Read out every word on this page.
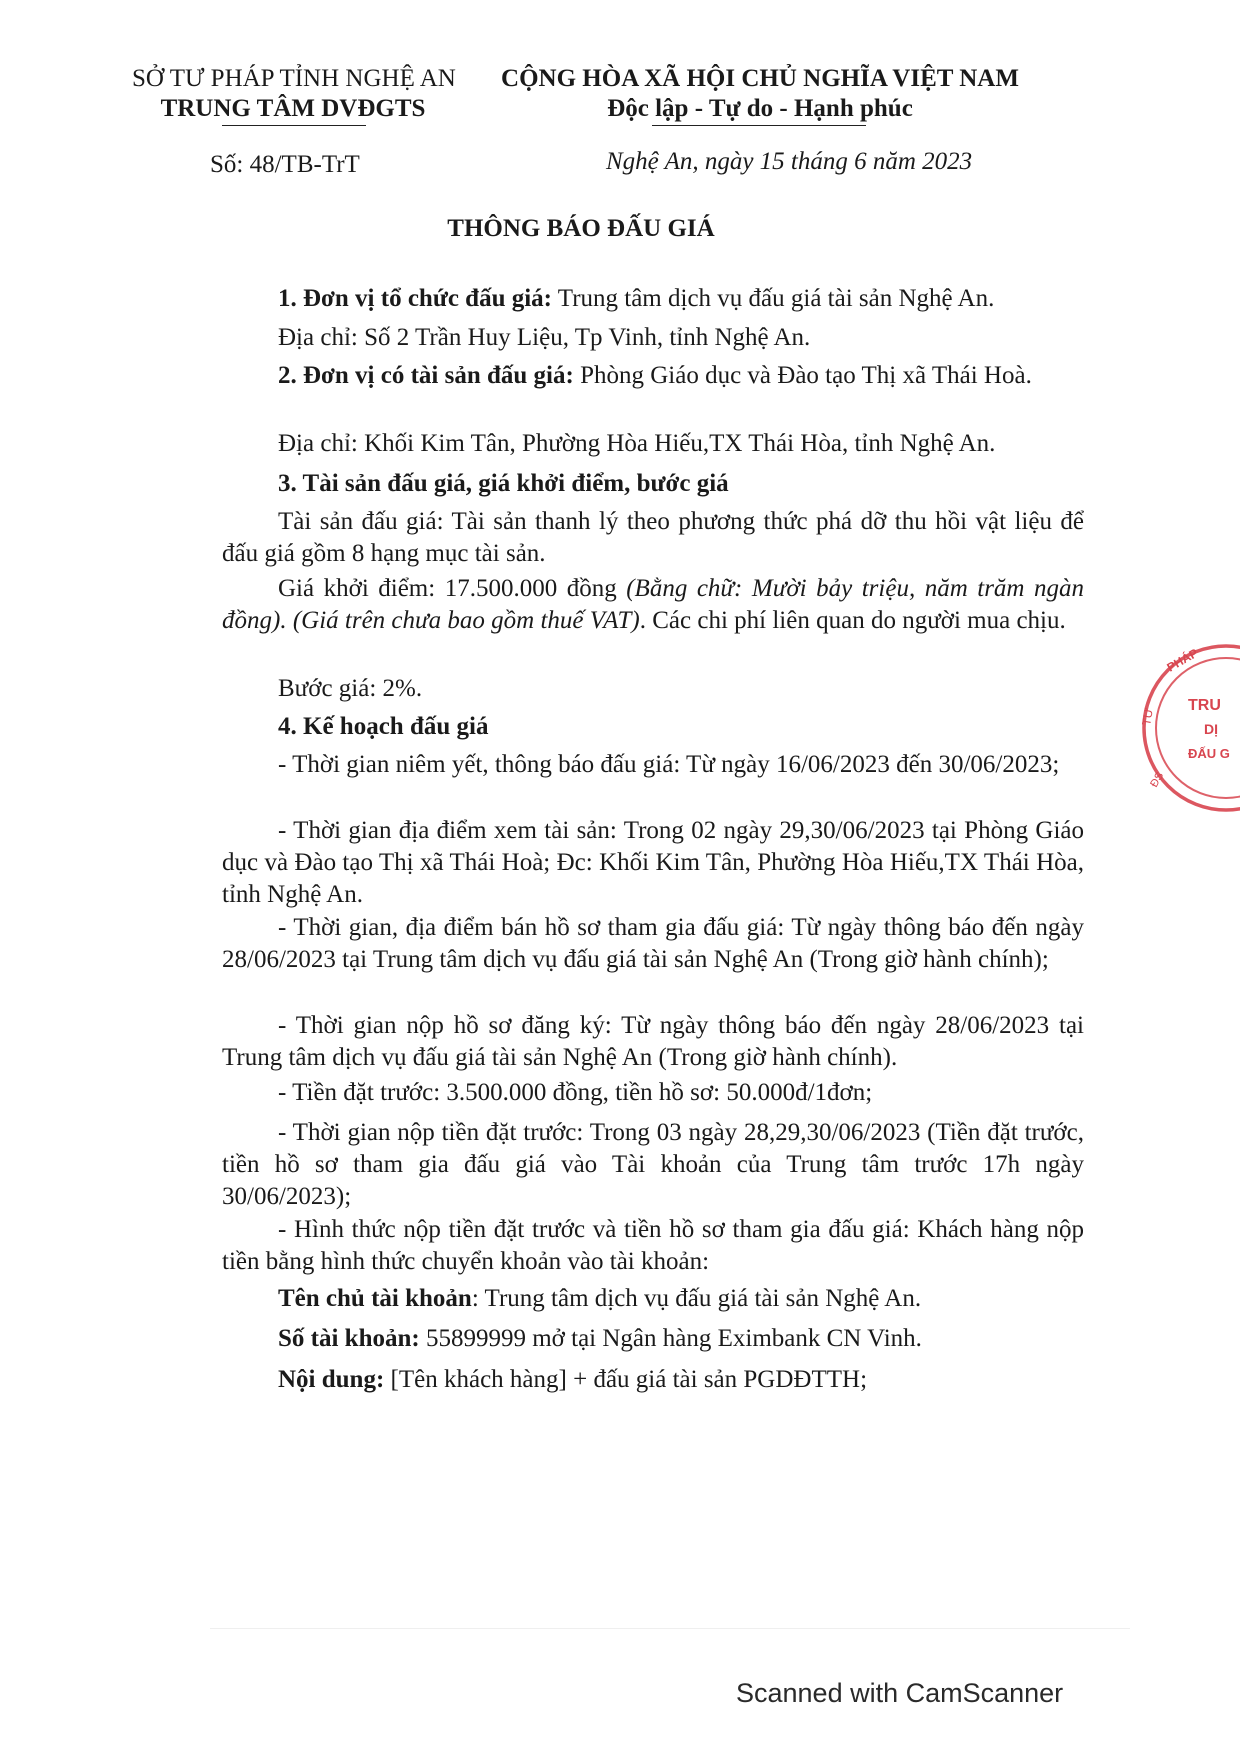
SỞ TƯ PHÁP TỈNH NGHỆ AN
TRUNG TÂM DVĐGTS
CỘNG HÒA XÃ HỘI CHỦ NGHĨA VIỆT NAM
Độc lập - Tự do - Hạnh phúc
Số: 48/TB-TrT	Nghệ An, ngày 15 tháng 6 năm 2023
THÔNG BÁO ĐẤU GIÁ
1. Đơn vị tổ chức đấu giá: Trung tâm dịch vụ đấu giá tài sản Nghệ An.
Địa chỉ: Số 2 Trần Huy Liệu, Tp Vinh, tỉnh Nghệ An.
2. Đơn vị có tài sản đấu giá: Phòng Giáo dục và Đào tạo Thị xã Thái Hoà.
Địa chỉ: Khối Kim Tân, Phường Hòa Hiếu,TX Thái Hòa, tỉnh Nghệ An.
3. Tài sản đấu giá, giá khởi điểm, bước giá
Tài sản đấu giá: Tài sản thanh lý theo phương thức phá dỡ thu hồi vật liệu để đấu giá gồm 8 hạng mục tài sản.
Giá khởi điểm: 17.500.000 đồng (Bằng chữ: Mười bảy triệu, năm trăm ngàn đồng). (Giá trên chưa bao gồm thuế VAT). Các chi phí liên quan do người mua chịu.
Bước giá: 2%.
4. Kế hoạch đấu giá
- Thời gian niêm yết, thông báo đấu giá: Từ ngày 16/06/2023 đến 30/06/2023;
- Thời gian địa điểm xem tài sản: Trong 02 ngày 29,30/06/2023 tại Phòng Giáo dục và Đào tạo Thị xã Thái Hoà; Đc: Khối Kim Tân, Phường Hòa Hiếu,TX Thái Hòa, tỉnh Nghệ An.
- Thời gian, địa điểm bán hồ sơ tham gia đấu giá: Từ ngày thông báo đến ngày 28/06/2023 tại Trung tâm dịch vụ đấu giá tài sản Nghệ An (Trong giờ hành chính);
- Thời gian nộp hồ sơ đăng ký: Từ ngày thông báo đến ngày 28/06/2023 tại Trung tâm dịch vụ đấu giá tài sản Nghệ An (Trong giờ hành chính).
- Tiền đặt trước: 3.500.000 đồng, tiền hồ sơ: 50.000đ/1đơn;
- Thời gian nộp tiền đặt trước: Trong 03 ngày 28,29,30/06/2023 (Tiền đặt trước, tiền hồ sơ tham gia đấu giá vào Tài khoản của Trung tâm trước 17h ngày 30/06/2023);
- Hình thức nộp tiền đặt trước và tiền hồ sơ tham gia đấu giá: Khách hàng nộp tiền bằng hình thức chuyển khoản vào tài khoản:
Tên chủ tài khoản: Trung tâm dịch vụ đấu giá tài sản Nghệ An.
Số tài khoản: 55899999 mở tại Ngân hàng Eximbank CN Vinh.
Nội dung: [Tên khách hàng] + đấu giá tài sản PGDĐTTH;
PHÁP
TRU
DỊ
ĐẤU G
TƯ
ĐS
Scanned with CamScanner
